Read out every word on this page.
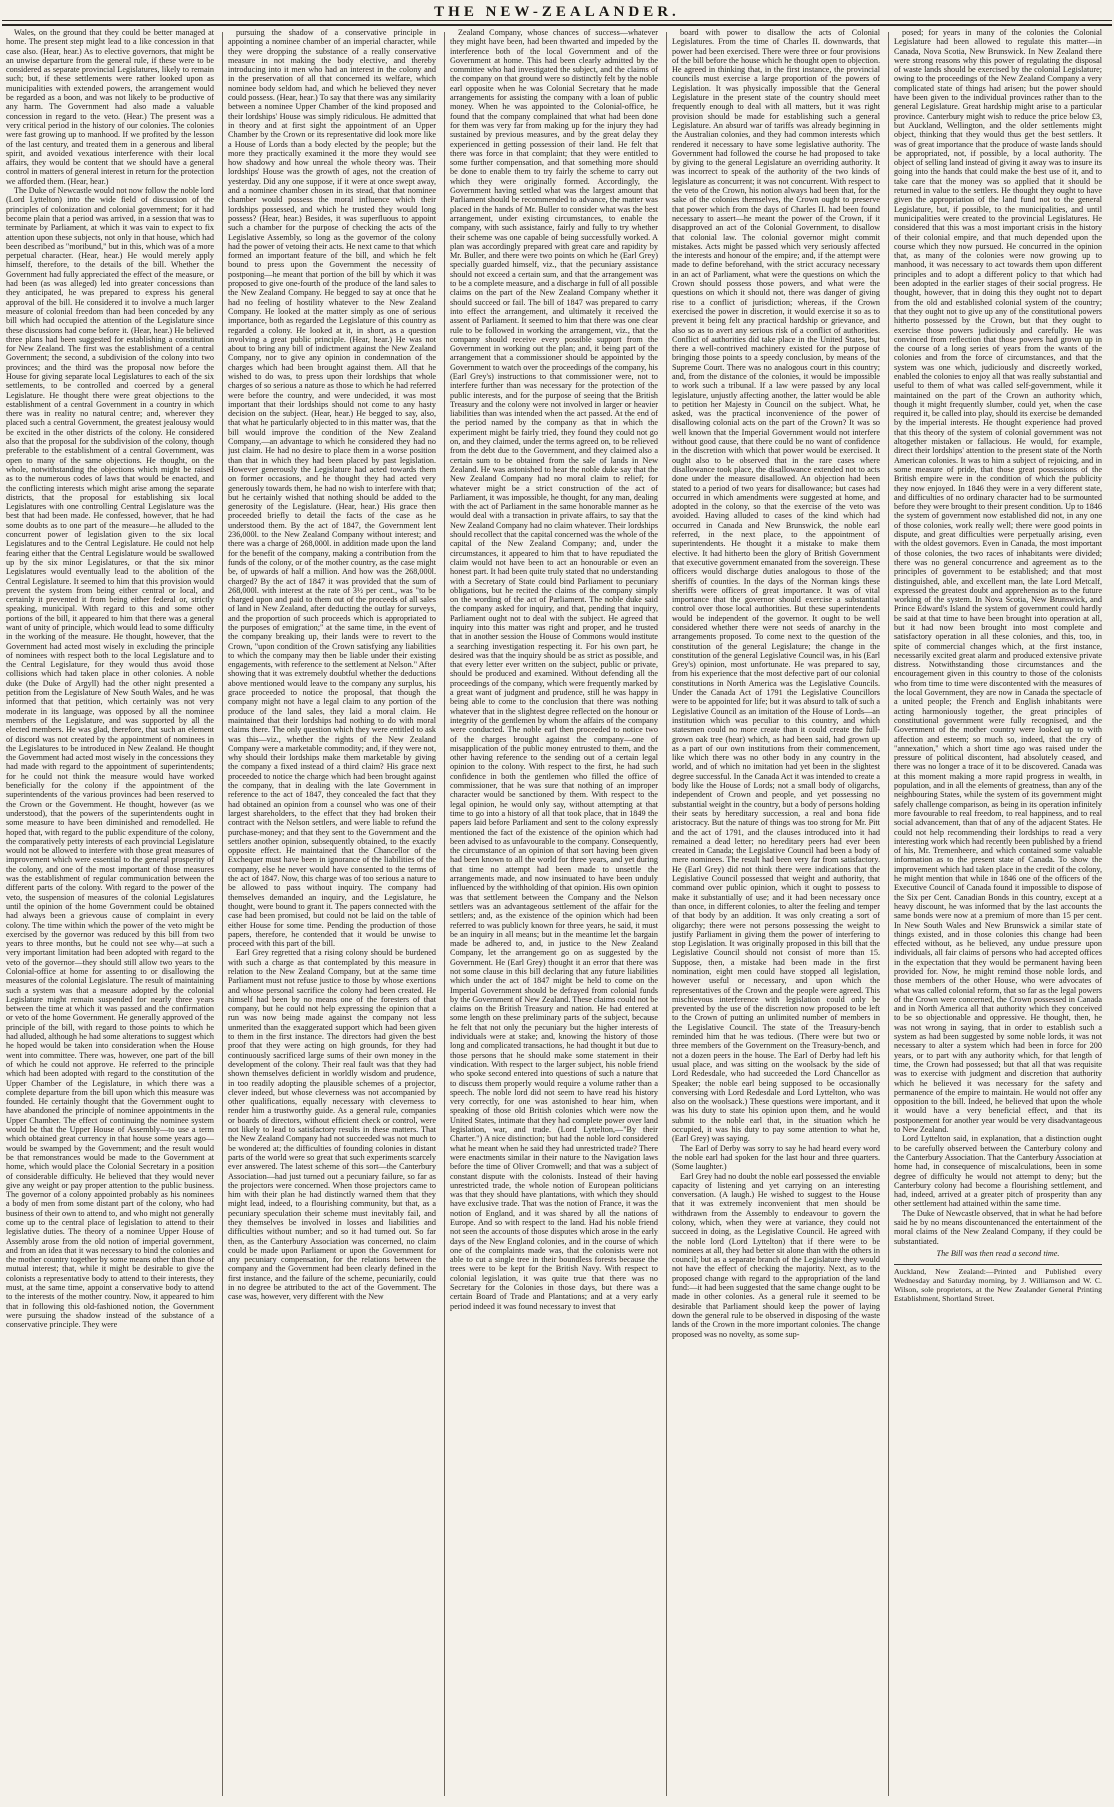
THE NEW-ZEALANDER.

Wales, on the ground that they could be better managed at home. The present step might lead to a like concession in that case also. (Hear, hear.) As to elective governors, that might be an unwise departure from the general rule, if these were to be considered as separate provincial Legislatures, likely to remain such; but, if these settlements were rather looked upon as municipalities with extended powers, the arrangement would be regarded as a boon, and was not likely to be productive of any harm. The Government had also made a valuable concession in regard to the veto. (Hear.) The present was a very critical period in the history of our colonies. The colonies were fast growing up to manhood. If we profited by the lesson of the last century, and treated them in a generous and liberal spirit, and avoided vexatious interference with their local affairs, they would be content that we should have a general control in matters of general interest in return for the protection we afforded them. (Hear, hear.)

The Duke of Newcastle would not now follow the noble lord (Lord Lyttelton) into the wide field of discussion of the principles of colonization and colonial government; for it had become plain that a period was arrived, in a session that was to terminate by Parliament, at which it was vain to expect to fix attention upon these subjects, not only in that house, which had been described as "moribund," but in this, which was of a more perpetual character. (Hear, hear.) He would merely apply himself, therefore, to the details of the bill. Whether the Government had fully appreciated the effect of the measure, or had been (as was alleged) led into greater concessions than they anticipated, he was prepared to express his general approval of the bill. He considered it to involve a much larger measure of colonial freedom than had been conceded by any bill which had occupied the attention of the Legislature since these discussions had come before it. (Hear, hear.) He believed three plans had been suggested for establishing a constitution for New Zealand. The first was the establishment of a central Government; the second, a subdivision of the colony into two provinces; and the third was the proposal now before the House for giving separate local Legislatures to each of the six settlements, to be controlled and coerced by a general Legislature. He thought there were great objections to the establishment of a central Government in a country in which there was in reality no natural centre; and, wherever they placed such a central Government, the greatest jealousy would be excited in the other districts of the colony. He considered also that the proposal for the subdivision of the colony, though preferable to the establishment of a central Government, was open to many of the same objections. He thought, on the whole, notwithstanding the objections which might be raised as to the numerous codes of laws that would be enacted, and the conflicting interests which might arise among the separate districts, that the proposal for establishing six local Legislatures with one controlling Central Legislature was the best that had been made. He confessed, however, that he had some doubts as to one part of the measure—he alluded to the concurrent power of legislation given to the six local Legislatures and to the Central Legislature. He could not help fearing either that the Central Legislature would be swallowed up by the six minor Legislatures, or that the six minor Legislatures would eventually lead to the abolition of the Central Legislature. It seemed to him that this provision would prevent the system from being either central or local, and certainly it prevented it from being either federal or, strictly speaking, municipal. With regard to this and some other portions of the bill, it appeared to him that there was a general want of unity of principle, which would lead to some difficulty in the working of the measure. He thought, however, that the Government had acted most wisely in excluding the principle of nominees with respect both to the local Legislature and to the Central Legislature, for they would thus avoid those collisions which had taken place in other colonies. A noble duke (the Duke of Argyll) had the other night presented a petition from the Legislature of New South Wales, and he was informed that that petition, which certainly was not very moderate in its language, was opposed by all the nominee members of the Legislature, and was supported by all the elected members. He was glad, therefore, that such an element of discord was not created by the appointment of nominees in the Legislatures to be introduced in New Zealand. He thought the Government had acted most wisely in the concessions they had made with regard to the appointment of superintendents; for he could not think the measure would have worked beneficially for the colony if the appointment of the superintendents of the various provinces had been reserved to the Crown or the Government. He thought, however (as we understood), that the powers of the superintendents ought in some measure to have been diminished and remodelled. He hoped that, with regard to the public expenditure of the colony, the comparatively petty interests of each provincial Legislature would not be allowed to interfere with those great measures of improvement which were essential to the general prosperity of the colony, and one of the most important of those measures was the establishment of regular communication between the different parts of the colony. With regard to the power of the veto, the suspension of measures of the colonial Legislatures until the opinion of the home Government could be obtained had always been a grievous cause of complaint in every colony. The time within which the power of the veto might be exercised by the governor was reduced by this bill from two years to three months, but he could not see why—at such a very important limitation had been adopted with regard to the veto of the governor—they should still allow two years to the Colonial-office at home for assenting to or disallowing the measures of the colonial Legislature. The result of maintaining such a system was that a measure adopted by the colonial Legislature might remain suspended for nearly three years between the time at which it was passed and the confirmation or veto of the home Government. He generally approved of the principle of the bill, with regard to those points to which he had alluded, although he had some alterations to suggest which he hoped would be taken into consideration when the House went into committee. There was, however, one part of the bill of which he could not approve. He referred to the principle which had been adopted with regard to the constitution of the Upper Chamber of the Legislature, in which there was a complete departure from the bill upon which this measure was founded. He certainly thought that the Government ought to have abandoned the principle of nominee appointments in the Upper Chamber. The effect of continuing the nominee system would be that the Upper House of Assembly—to use a term which obtained great currency in that house some years ago—would be swamped by the Government; and the result would be that remonstrances would be made to the Government at home, which would place the Colonial Secretary in a position of considerable difficulty. He believed that they would never give any weight or pay proper attention to the public business. The governor of a colony appointed probably as his nominees a body of men from some distant part of the colony, who had business of their own to attend to, and who might not generally come up to the central place of legislation to attend to their legislative duties. The theory of a nominee Upper House of Assembly arose from the old notion of imperial government, and from an idea that it was necessary to bind the colonies and the mother country together by some means other than those of mutual interest; that, while it might be desirable to give the colonists a representative body to attend to their interests, they must, at the same time, appoint a conservative body to attend to the interests of the mother country. Now, it appeared to him that in following this old-fashioned notion, the Government were pursuing the shadow instead of the substance of a conservative principle. They were

pursuing the shadow of a conservative principle in appointing a nominee chamber of an imperial character, while they were dropping the substance of a really conservative measure in not making the body elective, and thereby introducing into it men who had an interest in the colony and in the preservation of all that concerned its welfare, which nominee body seldom had, and which he believed they never could possess. (Hear, hear.) To say that there was any similarity between a nominee Upper Chamber of the kind proposed and their lordships' House was simply ridiculous. He admitted that in theory and at first sight the appointment of an Upper Chamber by the Crown or its representative did look more like a House of Lords than a body elected by the people; but the more they practically examined it the more they would see how shadowy and how unreal the whole theory was. Their lordships' House was the growth of ages, not the creation of yesterday. Did any one suppose, if it were at once swept away, and a nominee chamber chosen in its stead, that that nominee chamber would possess the moral influence which their lordships possessed, and which he trusted they would long possess? (Hear, hear.) Besides, it was superfluous to appoint such a chamber for the purpose of checking the acts of the Legislative Assembly, so long as the governor of the colony had the power of vetoing their acts. He next came to that which formed an important feature of the bill, and which he felt bound to press upon the Government the necessity of postponing—he meant that portion of the bill by which it was proposed to give one-fourth of the produce of the land sales to the New Zealand Company. He begged to say at once that he had no feeling of hostility whatever to the New Zealand Company. He looked at the matter simply as one of serious importance, both as regarded the Legislature of this country as regarded a colony. He looked at it, in short, as a question involving a great public principle. (Hear, hear.) He was not about to bring any bill of indictment against the New Zealand Company, nor to give any opinion in condemnation of the charges which had been brought against them. All that he wished to do was, to press upon their lordships that whole charges of so serious a nature as those to which he had referred were before the country, and were undecided, it was most important that their lordships should not come to any hasty decision on the subject. (Hear, hear.) He begged to say, also, that what he particularly objected to in this matter was, that the bill would improve the condition of the New Zealand Company,—an advantage to which he considered they had no just claim. He had no desire to place them in a worse position than that in which they had been placed by past legislation. However generously the Legislature had acted towards them on former occasions, and he thought they had acted very generously towards them, he had no wish to interfere with that; but he certainly wished that nothing should be added to the generosity of the Legislature. (Hear, hear.) His grace then proceeded briefly to detail the facts of the case as he understood them. By the act of 1847, the Government lent 236,000l. to the New Zealand Company without interest; and there was a charge of 268,000l. in addition made upon the land for the benefit of the company, making a contribution from the funds of the colony, or of the mother country, as the case might be, of upwards of half a million. And how was the 268,000l. charged? By the act of 1847 it was provided that the sum of 268,000l. with interest at the rate of 3½ per cent., was "to be charged upon and paid to them out of the proceeds of all sales of land in New Zealand, after deducting the outlay for surveys, and the proportion of such proceeds which is appropriated to the purposes of emigration;" at the same time, in the event of the company breaking up, their lands were to revert to the Crown, "upon condition of the Crown satisfying any liabilities to which the company may then be liable under their existing engagements, with reference to the settlement at Nelson." After showing that it was extremely doubtful whether the deductions above mentioned would leave to the company any surplus, his grace proceeded to notice the proposal, that though the company might not have a legal claim to any portion of the produce of the land sales, they laid a moral claim. He maintained that their lordships had nothing to do with moral claims there. The only question which they were entitled to ask was this—viz., whether the rights of the New Zealand Company were a marketable commodity; and, if they were not, why should their lordships make them marketable by giving the company a fixed instead of a third claim? His grace next proceeded to notice the charge which had been brought against the company, that in dealing with the late Government in reference to the act of 1847, they concealed the fact that they had obtained an opinion from a counsel who was one of their largest shareholders, to the effect that they had broken their contract with the Nelson settlers, and were liable to refund the purchase-money; and that they sent to the Government and the settlers another opinion, subsequently obtained, to the exactly opposite effect. He maintained that the Chancellor of the Exchequer must have been in ignorance of the liabilities of the company, else he never would have consented to the terms of the act of 1847. Now, this charge was of too serious a nature to be allowed to pass without inquiry. The company had themselves demanded an inquiry, and the Legislature, he thought, were bound to grant it. The papers connected with the case had been promised, but could not be laid on the table of either House for some time. Pending the production of those papers, therefore, he contended that it would be unwise to proceed with this part of the bill.

Earl Grey regretted that a rising colony should be burdened with such a charge as that contemplated by this measure in relation to the New Zealand Company, but at the same time Parliament must not refuse justice to those by whose exertions and whose personal sacrifice the colony had been created. He himself had been by no means one of the foresters of that company, but he could not help expressing the opinion that a run was now being made against the company not less unmerited than the exaggerated support which had been given to them in the first instance. The directors had given the best proof that they were acting on high grounds, for they had continuously sacrificed large sums of their own money in the development of the colony. Their real fault was that they had shown themselves deficient in worldly wisdom and prudence, in too readily adopting the plausible schemes of a projector, clever indeed, but whose cleverness was not accompanied by other qualifications, equally necessary with cleverness to render him a trustworthy guide. As a general rule, companies or boards of directors, without efficient check or control, were not likely to lead to satisfactory results in these matters. That the New Zealand Company had not succeeded was not much to be wondered at; the difficulties of founding colonies in distant parts of the world were so great that such experiments scarcely ever answered. The latest scheme of this sort—the Canterbury Association—had just turned out a pecuniary failure, so far as the projectors were concerned. When those projectors came to him with their plan he had distinctly warned them that they might lead, indeed, to a flourishing community, but that, as a pecuniary speculation their scheme must inevitably fail, and they themselves be involved in losses and liabilities and difficulties without number; and so it had turned out. So far then, as the Canterbury Association was concerned, no claim could be made upon Parliament or upon the Government for any pecuniary compensation, for the relations between the company and the Government had been clearly defined in the first instance, and the failure of the scheme, pecuniarily, could in no degree be attributed to the act of the Government. The case was, however, very different with the New

Zealand Company, whose chances of success—whatever they might have been, had been thwarted and impeded by the interference both of the local Government and of the Government at home. This had been clearly admitted by the committee who had investigated the subject, and the claims of the company on that ground were so distinctly felt by the noble earl opposite when he was Colonial Secretary that he made arrangements for assisting the company with a loan of public money. When he was appointed to the Colonial-office, he found that the company complained that what had been done for them was very far from making up for the injury they had sustained by previous measures, and by the great delay they experienced in getting possession of their land. He felt that there was force in that complaint; that they were entitled to some further compensation, and that something more should be done to enable them to try fairly the scheme to carry out which they were originally formed. Accordingly, the Government having settled what was the largest amount that Parliament should be recommended to advance, the matter was placed in the hands of Mr. Buller to consider what was the best arrangement, under existing circumstances, to enable the company, with such assistance, fairly and fully to try whether their scheme was one capable of being successfully worked. A plan was accordingly prepared with great care and rapidity by Mr. Buller, and there were two points on which he (Earl Grey) specially guarded himself, viz., that the pecuniary assistance should not exceed a certain sum, and that the arrangement was to be a complete measure, and a discharge in full of all possible claims on the part of the New Zealand Company whether it should succeed or fail. The bill of 1847 was prepared to carry into effect the arrangement, and ultimately it received the assent of Parliament. It seemed to him that there was one clear rule to be followed in working the arrangement, viz., that the company should receive every possible support from the Government in working out the plan; and, it being part of the arrangement that a commissioner should be appointed by the Government to watch over the proceedings of the company, his (Earl Grey's) instructions to that commissioner were, not to interfere further than was necessary for the protection of the public interests, and for the purpose of seeing that the British Treasury and the colony were not involved in larger or heavier liabilities than was intended when the act passed. At the end of the period named by the company as that in which the experiment might be fairly tried, they found they could not go on, and they claimed, under the terms agreed on, to be relieved from the debt due to the Government, and they claimed also a certain sum to be obtained from the sale of lands in New Zealand. He was astonished to hear the noble duke say that the New Zealand Company had no moral claim to relief; for whatever might be a strict construction of the act of Parliament, it was impossible, he thought, for any man, dealing with the act of Parliament in the same honorable manner as he would deal with a transaction in private affairs, to say that the New Zealand Company had no claim whatever. Their lordships should recollect that the capital concerned was the whole of the capital of the New Zealand Company; and, under the circumstances, it appeared to him that to have repudiated the claim would not have been to act an honourable or even an honest part. It had been quite truly stated that no understanding with a Secretary of State could bind Parliament to pecuniary obligations, but he recited the claims of the company simply on the wording of the act of Parliament. The noble duke said the company asked for inquiry, and that, pending that inquiry, Parliament ought not to deal with the subject. He agreed that inquiry into this matter was right and proper, and he trusted that in another session the House of Commons would institute a searching investigation respecting it. For his own part, he desired was that the inquiry should be as strict as possible, and that every letter ever written on the subject, public or private, should be produced and examined. Without defending all the proceedings of the company, which were frequently marked by a great want of judgment and prudence, still he was happy in being able to come to the conclusion that there was nothing whatever that in the slightest degree reflected on the honour or integrity of the gentlemen by whom the affairs of the company were conducted. The noble earl then proceeded to notice two of the charges brought against the company—one of misapplication of the public money entrusted to them, and the other having reference to the sending out of a certain legal opinion to the colony. With respect to the first, he had such confidence in both the gentlemen who filled the office of commissioner, that he was sure that nothing of an improper character would be sanctioned by them. With respect to the legal opinion, he would only say, without attempting at that time to go into a history of all that took place, that in 1849 the papers laid before Parliament and sent to the colony expressly mentioned the fact of the existence of the opinion which had been advised to as unfavourable to the company. Consequently, the circumstance of an opinion of that sort having been given had been known to all the world for three years, and yet during that time no attempt had been made to unsettle the arrangements made, and now insinuated to have been unduly influenced by the withholding of that opinion. His own opinion was that settlement between the Company and the Nelson settlers was an advantageous settlement of the affair for the settlers; and, as the existence of the opinion which had been referred to was publicly known for three years, he said, it must be an inquiry in all means; but in the meantime let the bargain made be adhered to, and, in justice to the New Zealand Company, let the arrangement go on as suggested by the Government. He (Earl Grey) thought it an error that there was not some clause in this bill declaring that any future liabilities which under the act of 1847 might be held to come on the Imperial Government should be defrayed from colonial funds by the Government of New Zealand. These claims could not be claims on the British Treasury and nation. He had entered at some length on these preliminary parts of the subject, because he felt that not only the pecuniary but the higher interests of individuals were at stake; and, knowing the history of those long and complicated transactions, he had thought it but due to those persons that he should make some statement in their vindication. With respect to the larger subject, his noble friend who spoke second entered into questions of such a nature that to discuss them properly would require a volume rather than a speech. The noble lord did not seem to have read his history very correctly, for one was astonished to hear him, when speaking of those old British colonies which were now the United States, intimate that they had complete power over land legislation, war, and trade. (Lord Lyttelton,—"By their Charter.") A nice distinction; but had the noble lord considered what he meant when he said they had unrestricted trade? There were enactments similar in their nature to the Navigation laws before the time of Oliver Cromwell; and that was a subject of constant dispute with the colonists. Instead of their having unrestricted trade, the whole notion of European politicians was that they should have plantations, with which they should have exclusive trade. That was the notion of France, it was the notion of England, and it was shared by all the nations of Europe. And so with respect to the land. Had his noble friend not seen the accounts of those disputes which arose in the early days of the New England colonies, and in the course of which one of the complaints made was, that the colonists were not able to cut a single tree in their boundless forests because the trees were to be kept for the British Navy. With respect to colonial legislation, it was quite true that there was no Secretary for the Colonies in those days, but there was a certain Board of Trade and Plantations; and at a very early period indeed it was found necessary to invest that

board with power to disallow the acts of Colonial Legislatures. From the time of Charles II. downwards, that power had been exercised. There were three or four provisions of the bill before the house which he thought open to objection. He agreed in thinking that, in the first instance, the provincial councils must exercise a large proportion of the powers of Legislation. It was physically impossible that the General Legislature in the present state of the country should meet frequently enough to deal with all matters, but it was right provision should be made for establishing such a general Legislature. An absurd war of tariffs was already beginning in the Australian colonies, and they had common interests which rendered it necessary to have some legislative authority. The Government had followed the course he had proposed to take by giving to the general Legislature an overriding authority. It was incorrect to speak of the authority of the two kinds of legislature as concurrent; it was not concurrent. With respect to the veto of the Crown, his notion always had been that, for the sake of the colonies themselves, the Crown ought to preserve that power which from the days of Charles II. had been found necessary to assert—he meant the power of the Crown, if it disapproved an act of the Colonial Government, to disallow that colonial law. The colonial governor might commit mistakes. Acts might be passed which very seriously affected the interests and honour of the empire; and, if the attempt were made to define beforehand, with the strict accuracy necessary in an act of Parliament, what were the questions on which the Crown should possess those powers, and what were the questions on which it should not, there was danger of giving rise to a conflict of jurisdiction; whereas, if the Crown exercised the power in discretion, it would exercise it so as to prevent it being felt any practical hardship or grievance, and also so as to avert any serious risk of a conflict of authorities. Conflict of authorities did take place in the United States, but there a well-contrived machinery existed for the purpose of bringing those points to a speedy conclusion, by means of the Supreme Court. There was no analogous court in this country; and, from the distance of the colonies, it would be impossible to work such a tribunal. If a law were passed by any local legislature, unjustly affecting another, the latter would be able to petition her Majesty in Council on the subject. What, he asked, was the practical inconvenience of the power of disallowing colonial acts on the part of the Crown? It was so well known that the Imperial Government would not interfere without good cause, that there could be no want of confidence in the discretion with which that power would be exercised. It ought also to be observed that in the rare cases where disallowance took place, the disallowance extended not to acts done under the measure disallowed. An objection had been stated to a period of two years for disallowance; but cases had occurred in which amendments were suggested at home, and adopted in the colony, so that the exercise of the veto was avoided. Having alluded to cases of the kind which had occurred in Canada and New Brunswick, the noble earl referred, in the next place, to the appointment of superintendents. He thought it a mistake to make them elective. It had hitherto been the glory of British Government that executive government emanated from the sovereign. These officers would discharge duties analogous to those of the sheriffs of counties. In the days of the Norman kings these sheriffs were officers of great importance. It was of vital importance that the governor should exercise a substantial control over those local authorities. But these superintendents would be independent of the governor. It ought to be well considered whether there were not seeds of anarchy in the arrangements proposed. To come next to the question of the constitution of the general Legislature; the change in the constitution of the general Legislative Council was, in his (Earl Grey's) opinion, most unfortunate. He was prepared to say, from his experience that the most defective part of our colonial constitutions in North America was the Legislative Councils. Under the Canada Act of 1791 the Legislative Councillors were to be appointed for life; but it was absurd to talk of such a Legislative Council as an imitation of the House of Lords—an institution which was peculiar to this country, and which statesmen could no more create than it could create the full-grown oak tree (hear) which, as had been said, had grown up as a part of our own institutions from their commencement, like which there was no other body in any country in the world, and of which no imitation had yet been in the slightest degree successful. In the Canada Act it was intended to create a body like the House of Lords; not a small body of oligarchs, independent of Crown and people, and yet possessing no substantial weight in the country, but a body of persons holding their seats by hereditary succession, a real and bona fide aristocracy. But the nature of things was too strong for Mr. Pitt and the act of 1791, and the clauses introduced into it had remained a dead letter; no hereditary peers had ever been created in Canada; the Legislative Council had been a body of mere nominees. The result had been very far from satisfactory. He (Earl Grey) did not think there were indications that the Legislative Council possessed that weight and authority, that command over public opinion, which it ought to possess to make it substantially of use; and it had been necessary once than once, in different colonies, to alter the feeling and temper of that body by an addition. It was only creating a sort of oligarchy; there were not persons possessing the weight to justify Parliament in giving them the power of interfering to stop Legislation. It was originally proposed in this bill that the Legislative Council should not consist of more than 15. Suppose, then, a mistake had been made in the first nomination, eight men could have stopped all legislation, however useful or necessary, and upon which the representatives of the Crown and the people were agreed. This mischievous interference with legislation could only be prevented by the use of the discretion now proposed to be left to the Crown of putting an unlimited number of members in the Legislative Council. The state of the Treasury-bench reminded him that he was tedious. (There were but two or three members of the Government on the Treasury-bench, and not a dozen peers in the house. The Earl of Derby had left his usual place, and was sitting on the woolsack by the side of Lord Redesdale, who had succeeded the Lord Chancellor as Speaker; the noble earl being supposed to be occasionally conversing with Lord Redesdale and Lord Lyttelton, who was also on the woolsack.) These questions were important, and it was his duty to state his opinion upon them, and he would submit to the noble earl that, in the situation which he occupied, it was his duty to pay some attention to what he, (Earl Grey) was saying.

The Earl of Derby was sorry to say he had heard every word the noble earl had spoken for the last hour and three quarters. (Some laughter.)

Earl Grey had no doubt the noble earl possessed the enviable capacity of listening and yet carrying on an interesting conversation. (A laugh.) He wished to suggest to the House that it was extremely inconvenient that men should be withdrawn from the Assembly to endeavour to govern the colony, which, when they were at variance, they could not succeed in doing, as the Legislative Council. He agreed with the noble lord (Lord Lyttelton) that if there were to be nominees at all, they had better sit alone than with the others in council; but as a separate branch of the Legislature they would not have the effect of checking the majority. Next, as to the proposed change with regard to the appropriation of the land fund:—it had been suggested that the same change ought to be made in other colonies. As a general rule it seemed to be desirable that Parliament should keep the power of laying down the general rule to be observed in disposing of the waste lands of the Crown in the more important colonies. The change proposed was no novelty, as some sup-

posed; for years in many of the colonies the Colonial Legislature had been allowed to regulate this matter—in Canada, Nova Scotia, New Brunswick. In New Zealand there were strong reasons why this power of regulating the disposal of waste lands should be exercised by the colonial Legislature; owing to the proceedings of the New Zealand Company a very complicated state of things had arisen; but the power should have been given to the individual provinces rather than to the general Legislature. Great hardship might arise to a particular province. Canterbury might wish to reduce the price below £3, but Auckland, Wellington, and the older settlements might object, thinking that they would thus get the best settlers. It was of great importance that the produce of waste lands should be appropriated, not, if possible, by a local authority. The object of selling land instead of giving it away was to insure its going into the hands that could make the best use of it, and to take care that the money was so applied that it should be returned in value to the settlers. He thought they ought to have given the appropriation of the land fund not to the general Legislature, but, if possible, to the municipalities, and until municipalities were created to the provincial Legislatures. He considered that this was a most important crisis in the history of their colonial empire, and that much depended upon the course which they now pursued. He concurred in the opinion that, as many of the colonies were now growing up to manhood, it was necessary to act towards them upon different principles and to adopt a different policy to that which had been adopted in the earlier stages of their social progress. He thought, however, that in doing this they ought not to depart from the old and established colonial system of the country; that they ought not to give up any of the constitutional powers hitherto possessed by the Crown, but that they ought to exercise those powers judiciously and carefully. He was convinced from reflection that those powers had grown up in the course of a long series of years from the wants of the colonies and from the force of circumstances, and that the system was one which, judiciously and discreetly worked, enabled the colonies to enjoy all that was really substantial and useful to them of what was called self-government, while it maintained on the part of the Crown an authority which, though it might frequently slumber, could yet, when the case required it, be called into play, should its exercise be demanded by the imperial interests. He thought experience had proved that this theory of the system of colonial government was not altogether mistaken or fallacious. He would, for example, direct their lordships' attention to the present state of the North American colonies. It was to him a subject of rejoicing, and in some measure of pride, that those great possessions of the British empire were in the condition of which the publicity they now enjoyed. In 1846 they were in a very different state, and difficulties of no ordinary character had to be surmounted before they were brought to their present condition. Up to 1846 the system of government now established did not, in any one of those colonies, work really well; there were good points in dispute, and great difficulties were perpetually arising, even with the oldest governors. Even in Canada, the most important of those colonies, the two races of inhabitants were divided; there was no general concurrence and agreement as to the principles of government to be established; and that most distinguished, able, and excellent man, the late Lord Metcalf, expressed the greatest doubt and apprehension as to the future working of the system. In Nova Scotia, New Brunswick, and Prince Edward's Island the system of government could hardly be said at that time to have been brought into operation at all, but it had now been brought into most complete and satisfactory operation in all these colonies, and this, too, in spite of commercial changes which, at the first instance, necessarily excited great alarm and produced extensive private distress. Notwithstanding those circumstances and the encouragement given in this country to those of the colonists who from time to time were discontented with the measures of the local Government, they are now in Canada the spectacle of a united people; the French and English inhabitants were acting harmoniously together, the great principles of constitutional government were fully recognised, and the Government of the mother country were looked up to with affection and esteem; so much so, indeed, that the cry of "annexation," which a short time ago was raised under the pressure of political discontent, had absolutely ceased, and there was no longer a trace of it to be discovered. Canada was at this moment making a more rapid progress in wealth, in population, and in all the elements of greatness, than any of the neighbouring States, while the system of its government might safely challenge comparison, as being in its operation infinitely more favourable to real freedom, to real happiness, and to real social advancement, than that of any of the adjacent States. He could not help recommending their lordships to read a very interesting work which had recently been published by a friend of his, Mr. Tremenheere, and which contained some valuable information as to the present state of Canada. To show the improvement which had taken place in the credit of the colony, he might mention that while in 1846 one of the officers of the Executive Council of Canada found it impossible to dispose of the Six per Cent. Canadian Bonds in this country, except at a heavy discount, he was informed that by the last accounts the same bonds were now at a premium of more than 15 per cent. In New South Wales and New Brunswick a similar state of things existed, and in those colonies this change had been effected without, as he believed, any undue pressure upon individuals, all fair claims of persons who had accepted offices in the expectation that they would be permanent having been provided for. Now, he might remind those noble lords, and those members of the other House, who were advocates of what was called colonial reform, that so far as the legal powers of the Crown were concerned, the Crown possessed in Canada and in North America all that authority which they conceived to be so objectionable and oppressive. He thought, then, he was not wrong in saying, that in order to establish such a system as had been suggested by some noble lords, it was not necessary to alter a system which had been in force for 200 years, or to part with any authority which, for that length of time, the Crown had possessed; but that all that was requisite was to exercise with judgment and discretion that authority which he believed it was necessary for the safety and permanence of the empire to maintain. He would not offer any opposition to the bill. Indeed, he believed that upon the whole it would have a very beneficial effect, and that its postponement for another year would be very disadvantageous to New Zealand.

Lord Lyttelton said, in explanation, that a distinction ought to be carefully observed between the Canterbury colony and the Canterbury Association. That the Canterbury Association at home had, in consequence of miscalculations, been in some degree of difficulty he would not attempt to deny; but the Canterbury colony had become a flourishing settlement, and had, indeed, arrived at a greater pitch of prosperity than any other settlement had attained within the same time.

The Duke of Newcastle observed, that in what he had before said he by no means discountenanced the entertainment of the moral claims of the New Zealand Company, if they could be substantiated.

The Bill was then read a second time.

Auckland, New Zealand:—Printed and Published every Wednesday and Saturday morning, by J. Williamson and W. C. Wilson, sole proprietors, at the New Zealander General Printing Establishment, Shortland Street.
